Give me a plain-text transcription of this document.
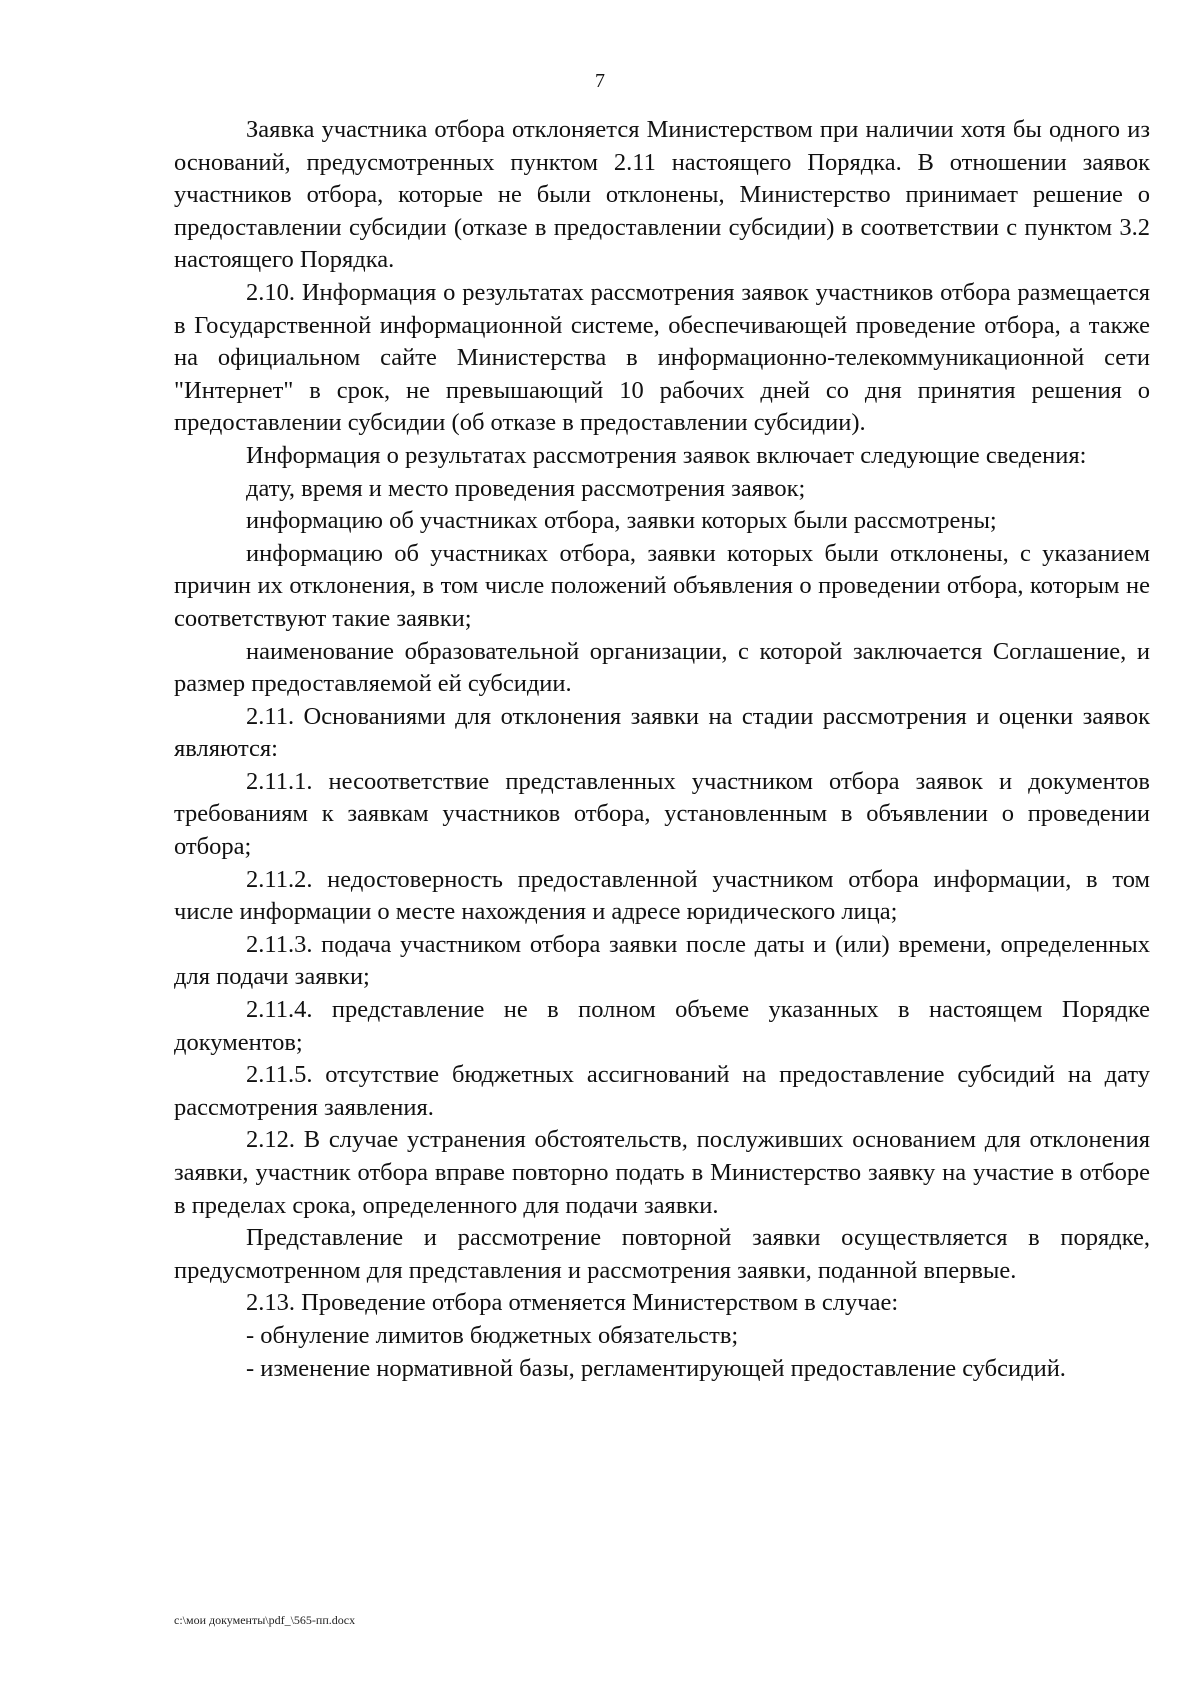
7

Заявка участника отбора отклоняется Министерством при наличии хотя бы одного из оснований, предусмотренных пунктом 2.11 настоящего Порядка. В отношении заявок участников отбора, которые не были отклонены, Министерство принимает решение о предоставлении субсидии (отказе в предоставлении субсидии) в соответствии с пунктом 3.2 настоящего Порядка.

2.10. Информация о результатах рассмотрения заявок участников отбора размещается в Государственной информационной системе, обеспечивающей проведение отбора, а также на официальном сайте Министерства в информационно-телекоммуникационной сети "Интернет" в срок, не превышающий 10 рабочих дней со дня принятия решения о предоставлении субсидии (об отказе в предоставлении субсидии).

Информация о результатах рассмотрения заявок включает следующие сведения:

дату, время и место проведения рассмотрения заявок;

информацию об участниках отбора, заявки которых были рассмотрены;

информацию об участниках отбора, заявки которых были отклонены, с указанием причин их отклонения, в том числе положений объявления о проведении отбора, которым не соответствуют такие заявки;

наименование образовательной организации, с которой заключается Соглашение, и размер предоставляемой ей субсидии.

2.11. Основаниями для отклонения заявки на стадии рассмотрения и оценки заявок являются:

2.11.1. несоответствие представленных участником отбора заявок и документов требованиям к заявкам участников отбора, установленным в объявлении о проведении отбора;

2.11.2. недостоверность предоставленной участником отбора информации, в том числе информации о месте нахождения и адресе юридического лица;

2.11.3. подача участником отбора заявки после даты и (или) времени, определенных для подачи заявки;

2.11.4. представление не в полном объеме указанных в настоящем Порядке документов;

2.11.5. отсутствие бюджетных ассигнований на предоставление субсидий на дату рассмотрения заявления.

2.12. В случае устранения обстоятельств, послуживших основанием для отклонения заявки, участник отбора вправе повторно подать в Министерство заявку на участие в отборе в пределах срока, определенного для подачи заявки.

Представление и рассмотрение повторной заявки осуществляется в порядке, предусмотренном для представления и рассмотрения заявки, поданной впервые.

2.13. Проведение отбора отменяется Министерством в случае:

- обнуление лимитов бюджетных обязательств;

- изменение нормативной базы, регламентирующей предоставление субсидий.

c:\мои документы\pdf_\565-пп.docx
